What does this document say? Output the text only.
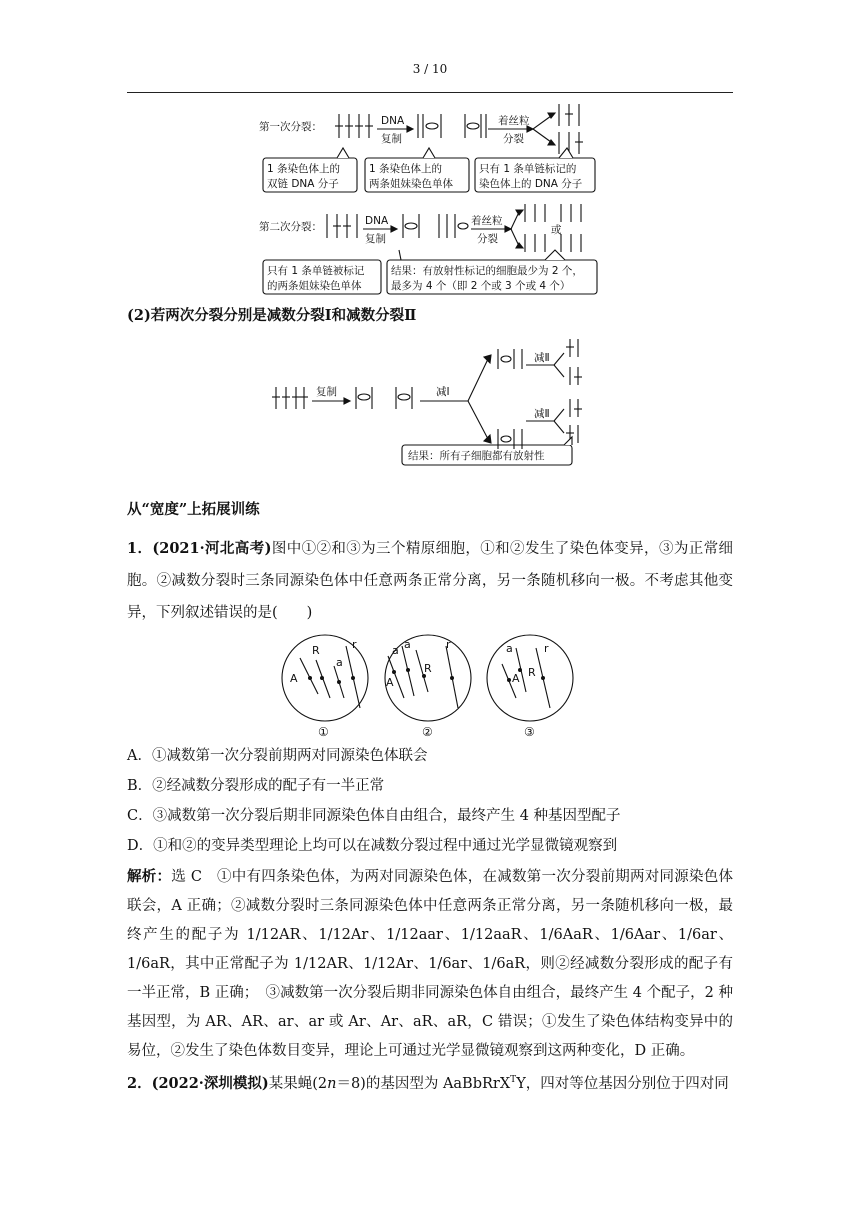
3 / 10
第一次分裂：
第二次分裂：
DNA
复制
着丝粒
分裂
DNA
复制
着丝粒
分裂
或
1 条染色体上的
双链 DNA 分子
1 条染色体上的
两条姐妹染色单体
只有 1 条单链标记的
染色体上的 DNA 分子
只有 1 条单链被标记
的两条姐妹染色单体
结果：有放射性标记的细胞最少为 2 个，
最多为 4 个（即 2 个或 3 个或 4 个）
(2)若两次分裂分别是减数分裂Ⅰ和减数分裂Ⅱ
复制	减Ⅰ
减Ⅱ
减Ⅱ
结果：所有子细胞都有放射性
从“宽度”上拓展训练
1．(2021·河北高考)图中①②和③为三个精原细胞，①和②发生了染色体变异，③为正常细胞。②减数分裂时三条同源染色体中任意两条正常分离，另一条随机移向一极。不考虑其他变异，下列叙述错误的是(　　)
A
R
a
r	a a
R
r
A
a
A R
r
①	②	③
A．①减数第一次分裂前期两对同源染色体联会
B．②经减数分裂形成的配子有一半正常
C．③减数第一次分裂后期非同源染色体自由组合，最终产生 4 种基因型配子
D．①和②的变异类型理论上均可以在减数分裂过程中通过光学显微镜观察到
解析：选 C　①中有四条染色体，为两对同源染色体，在减数第一次分裂前期两对同源染色体联会，A 正确；②减数分裂时三条同源染色体中任意两条正常分离，另一条随机移向一极，最终产生的配子为 1/12AR、1/12Ar、1/12aar、1/12aaR、1/6AaR、1/6Aar、1/6ar、1/6aR，其中正常配子为 1/12AR、1/12Ar、1/6ar、1/6aR，则②经减数分裂形成的配子有一半正常，B 正确；　③减数第一次分裂后期非同源染色体自由组合，最终产生 4 个配子，2 种基因型，为 AR、AR、ar、ar 或 Ar、Ar、aR、aR，C 错误；①发生了染色体结构变异中的易位，②发生了染色体数目变异，理论上可通过光学显微镜观察到这两种变化，D 正确。
2．(2022·深圳模拟)某果蝇(2n＝8)的基因型为 AaBbRrX$^T$Y，四对等位基因分别位于四对同
